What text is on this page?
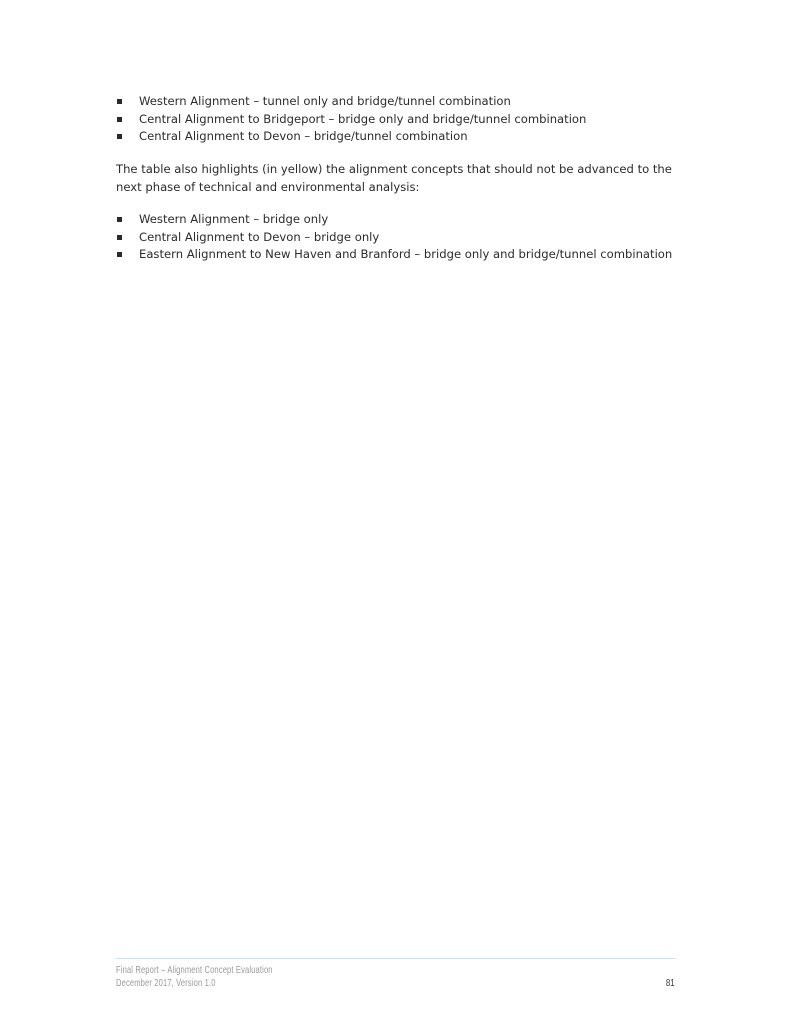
Western Alignment – tunnel only and bridge/tunnel combination
Central Alignment to Bridgeport – bridge only and bridge/tunnel combination
Central Alignment to Devon – bridge/tunnel combination

The table also highlights (in yellow) the alignment concepts that should not be advanced to the next phase of technical and environmental analysis:

Western Alignment – bridge only
Central Alignment to Devon – bridge only
Eastern Alignment to New Haven and Branford – bridge only and bridge/tunnel combination
Final Report – Alignment Concept Evaluation
December 2017, Version 1.0	81
